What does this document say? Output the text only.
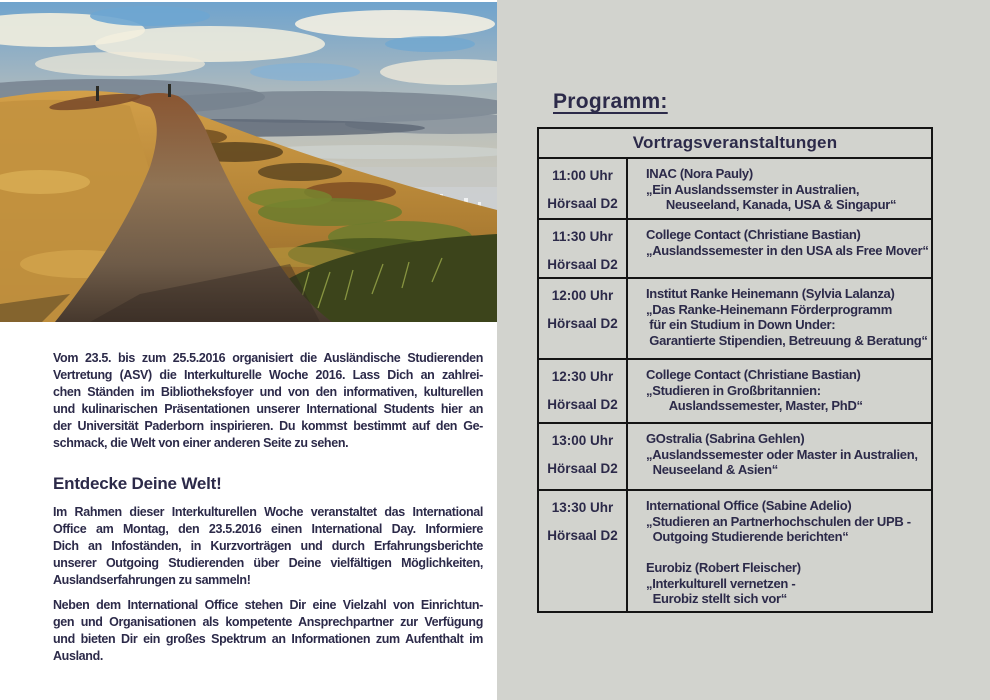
Vom 23.5. bis zum 25.5.2016 organisiert die Ausländische Studierenden
Vertretung (ASV) die Interkulturelle Woche 2016. Lass Dich an zahlrei-
chen Ständen im Bibliotheksfoyer und von den informativen, kulturellen
und kulinarischen Präsentationen unserer International Students hier an
der Universität Paderborn inspirieren. Du kommst bestimmt auf den Ge-
schmack, die Welt von einer anderen Seite zu sehen.
Entdecke Deine Welt!
Im Rahmen dieser Interkulturellen Woche veranstaltet das International
Office am Montag, den 23.5.2016 einen International Day. Informiere
Dich an Infoständen, in Kurzvorträgen und durch Erfahrungsberichte
unserer Outgoing Studierenden über Deine vielfältigen Möglichkeiten,
Auslandserfahrungen zu sammeln!
Neben dem International Office stehen Dir eine Vielzahl von Einrichtun-
gen und Organisationen als kompetente Ansprechpartner zur Verfügung
und bieten Dir ein großes Spektrum an Informationen zum Aufenthalt im
Ausland.
Programm:
Vortragsveranstaltungen	

11:00 Uhr
Hörsaal D2

INAC (Nora Pauly)
„Ein Auslandssemster in Australien,
Neuseeland, Kanada, USA & Singapur“

11:30 Uhr
Hörsaal D2

College Contact (Christiane Bastian)
„Auslandssemester in den USA als Free Mover“

12:00 Uhr
Hörsaal D2

Institut Ranke Heinemann (Sylvia Lalanza)
„Das Ranke-Heinemann Förderprogramm
für ein Studium in Down Under:
Garantierte Stipendien, Betreuung & Beratung“

12:30 Uhr
Hörsaal D2

College Contact (Christiane Bastian)
„Studieren in Großbritannien:
Auslandssemester, Master, PhD“

13:00 Uhr
Hörsaal D2

GOstralia (Sabrina Gehlen)
„Auslandssemester oder Master in Australien,
Neuseeland & Asien“

13:30 Uhr
Hörsaal D2

International Office (Sabine Adelio)
„Studieren an Partnerhochschulen der UPB -
Outgoing Studierende berichten“

Eurobiz (Robert Fleischer)
„Interkulturell vernetzen -
Eurobiz stellt sich vor“
